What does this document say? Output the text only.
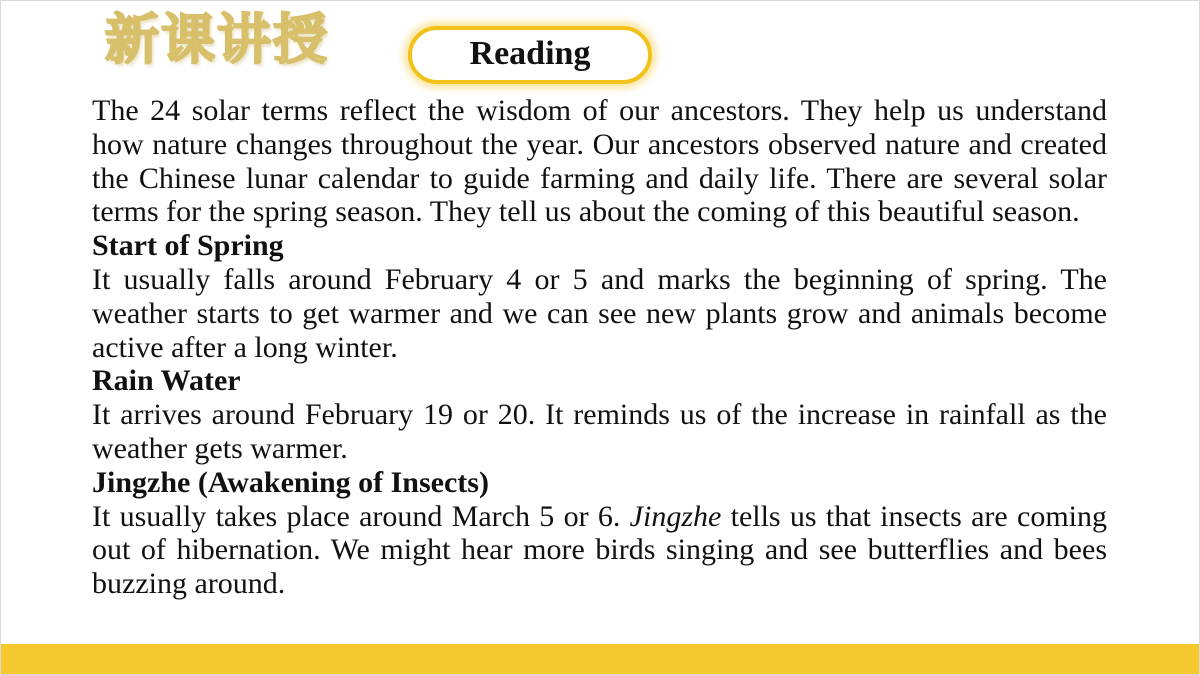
新课讲授	Reading

The 24 solar terms reflect the wisdom of our ancestors. They help us understand how nature changes throughout the year. Our ancestors observed nature and created the Chinese lunar calendar to guide farming and daily life. There are several solar terms for the spring season. They tell us about the coming of this beautiful season.

Start of Spring

It usually falls around February 4 or 5 and marks the beginning of spring. The weather starts to get warmer and we can see new plants grow and animals become active after a long winter.

Rain Water

It arrives around February 19 or 20. It reminds us of the increase in rainfall as the weather gets warmer.

Jingzhe (Awakening of Insects)

It usually takes place around March 5 or 6. Jingzhe tells us that insects are coming out of hibernation. We might hear more birds singing and see butterflies and bees buzzing around.
